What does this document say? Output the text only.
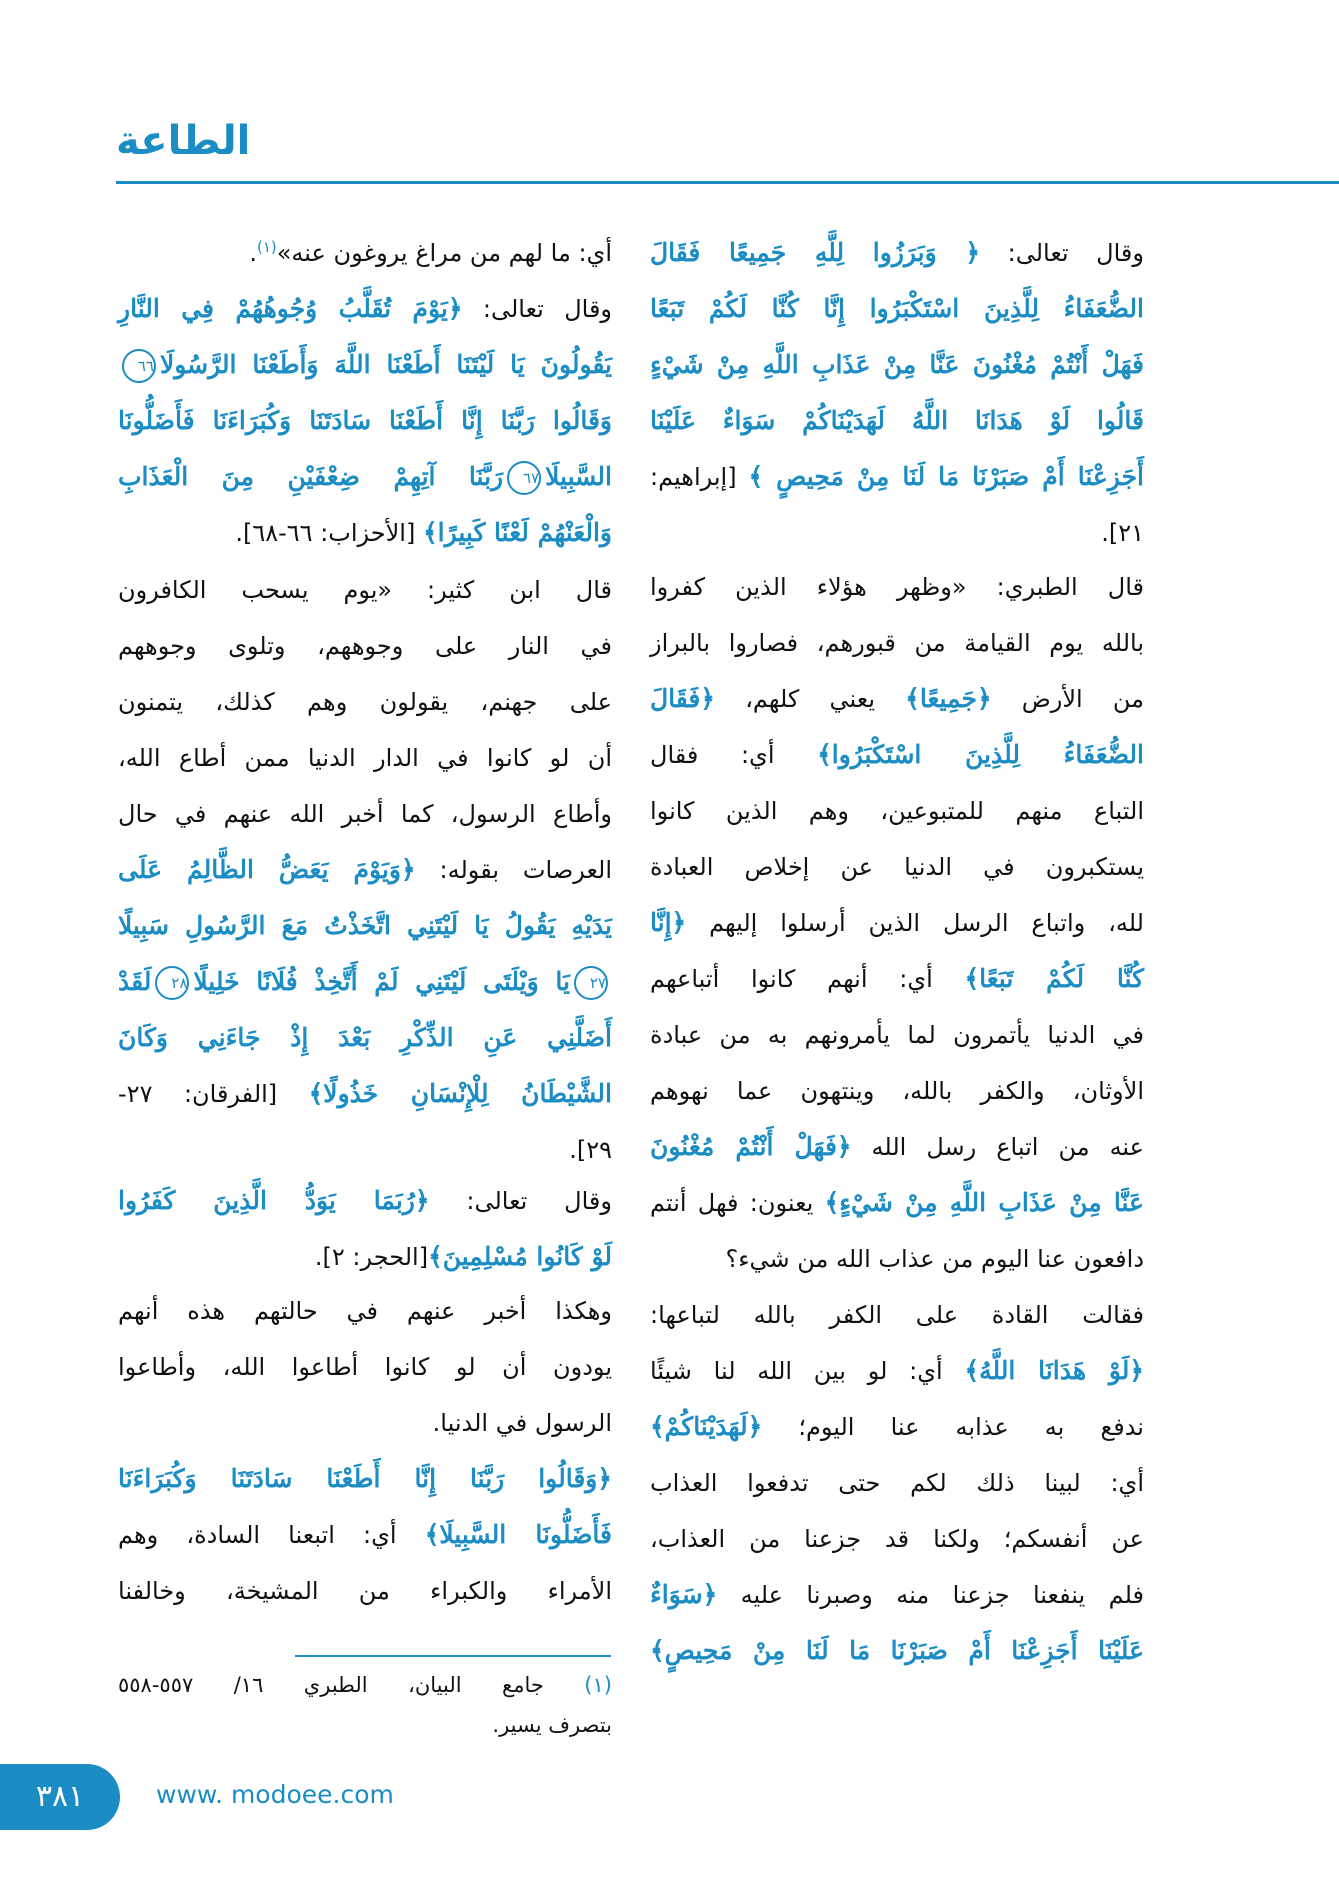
الطاعة
وقال تعالى: ﴿ وَبَرَزُوا لِلَّهِ جَمِيعًا فَقَالَ
الضُّعَفَاءُ لِلَّذِينَ اسْتَكْبَرُوا إِنَّا كُنَّا لَكُمْ تَبَعًا
فَهَلْ أَنْتُمْ مُغْنُونَ عَنَّا مِنْ عَذَابِ اللَّهِ مِنْ شَيْءٍ
قَالُوا لَوْ هَدَانَا اللَّهُ لَهَدَيْنَاكُمْ سَوَاءٌ عَلَيْنَا
أَجَزِعْنَا أَمْ صَبَرْنَا مَا لَنَا مِنْ مَحِيصٍ ﴾ [إبراهيم:
٢١].
قال الطبري: «وظهر هؤلاء الذين كفروا
بالله يوم القيامة من قبورهم، فصاروا بالبراز
من الأرض ﴿جَمِيعًا﴾ يعني كلهم، ﴿فَقَالَ
الضُّعَفَاءُ لِلَّذِينَ اسْتَكْبَرُوا﴾ أي: فقال
التباع منهم للمتبوعين، وهم الذين كانوا
يستكبرون في الدنيا عن إخلاص العبادة
لله، واتباع الرسل الذين أرسلوا إليهم ﴿إِنَّا
كُنَّا لَكُمْ تَبَعًا﴾ أي: أنهم كانوا أتباعهم
في الدنيا يأتمرون لما يأمرونهم به من عبادة
الأوثان، والكفر بالله، وينتهون عما نهوهم
عنه من اتباع رسل الله ﴿فَهَلْ أَنْتُمْ مُغْنُونَ
عَنَّا مِنْ عَذَابِ اللَّهِ مِنْ شَيْءٍ﴾ يعنون: فهل أنتم
دافعون عنا اليوم من عذاب الله من شيء؟
فقالت القادة على الكفر بالله لتباعها:
﴿لَوْ هَدَانَا اللَّهُ﴾ أي: لو بين الله لنا شيئًا
ندفع به عذابه عنا اليوم؛ ﴿لَهَدَيْنَاكُمْ﴾
أي: لبينا ذلك لكم حتى تدفعوا العذاب
عن أنفسكم؛ ولكنا قد جزعنا من العذاب،
فلم ينفعنا جزعنا منه وصبرنا عليه ﴿سَوَاءٌ
عَلَيْنَا أَجَزِعْنَا أَمْ صَبَرْنَا مَا لَنَا مِنْ مَحِيصٍ﴾
أي: ما لهم من مراغ يروغون عنه»$^{(١)}$.
وقال تعالى: ﴿يَوْمَ تُقَلَّبُ وُجُوهُهُمْ فِي النَّارِ
يَقُولُونَ يَا لَيْتَنَا أَطَعْنَا اللَّهَ وَأَطَعْنَا الرَّسُولَا٦٦
وَقَالُوا رَبَّنَا إِنَّا أَطَعْنَا سَادَتَنَا وَكُبَرَاءَنَا فَأَضَلُّونَا
السَّبِيلَا٦٧رَبَّنَا آتِهِمْ ضِعْفَيْنِ مِنَ الْعَذَابِ
وَالْعَنْهُمْ لَعْنًا كَبِيرًا﴾ [الأحزاب: ٦٦-٦٨].
قال ابن كثير: «يوم يسحب الكافرون
في النار على وجوههم، وتلوى وجوههم
على جهنم، يقولون وهم كذلك، يتمنون
أن لو كانوا في الدار الدنيا ممن أطاع الله،
وأطاع الرسول، كما أخبر الله عنهم في حال
العرصات بقوله: ﴿وَيَوْمَ يَعَضُّ الظَّالِمُ عَلَى
يَدَيْهِ يَقُولُ يَا لَيْتَنِي اتَّخَذْتُ مَعَ الرَّسُولِ سَبِيلًا
٢٧يَا وَيْلَتَى لَيْتَنِي لَمْ أَتَّخِذْ فُلَانًا خَلِيلًا٢٨لَقَدْ
أَضَلَّنِي عَنِ الذِّكْرِ بَعْدَ إِذْ جَاءَنِي وَكَانَ
الشَّيْطَانُ لِلْإِنْسَانِ خَذُولًا﴾ [الفرقان: ٢٧-
٢٩].
وقال تعالى: ﴿رُبَمَا يَوَدُّ الَّذِينَ كَفَرُوا
لَوْ كَانُوا مُسْلِمِينَ﴾[الحجر: ٢].
وهكذا أخبر عنهم في حالتهم هذه أنهم
يودون أن لو كانوا أطاعوا الله، وأطاعوا
الرسول في الدنيا.
﴿وَقَالُوا رَبَّنَا إِنَّا أَطَعْنَا سَادَتَنَا وَكُبَرَاءَنَا
فَأَضَلُّونَا السَّبِيلَا﴾ أي: اتبعنا السادة، وهم
الأمراء والكبراء من المشيخة، وخالفنا
(١) جامع البيان، الطبري ١٦/ ٥٥٧-٥٥٨
بتصرف يسير.
٣٨١	www. modoee.com
